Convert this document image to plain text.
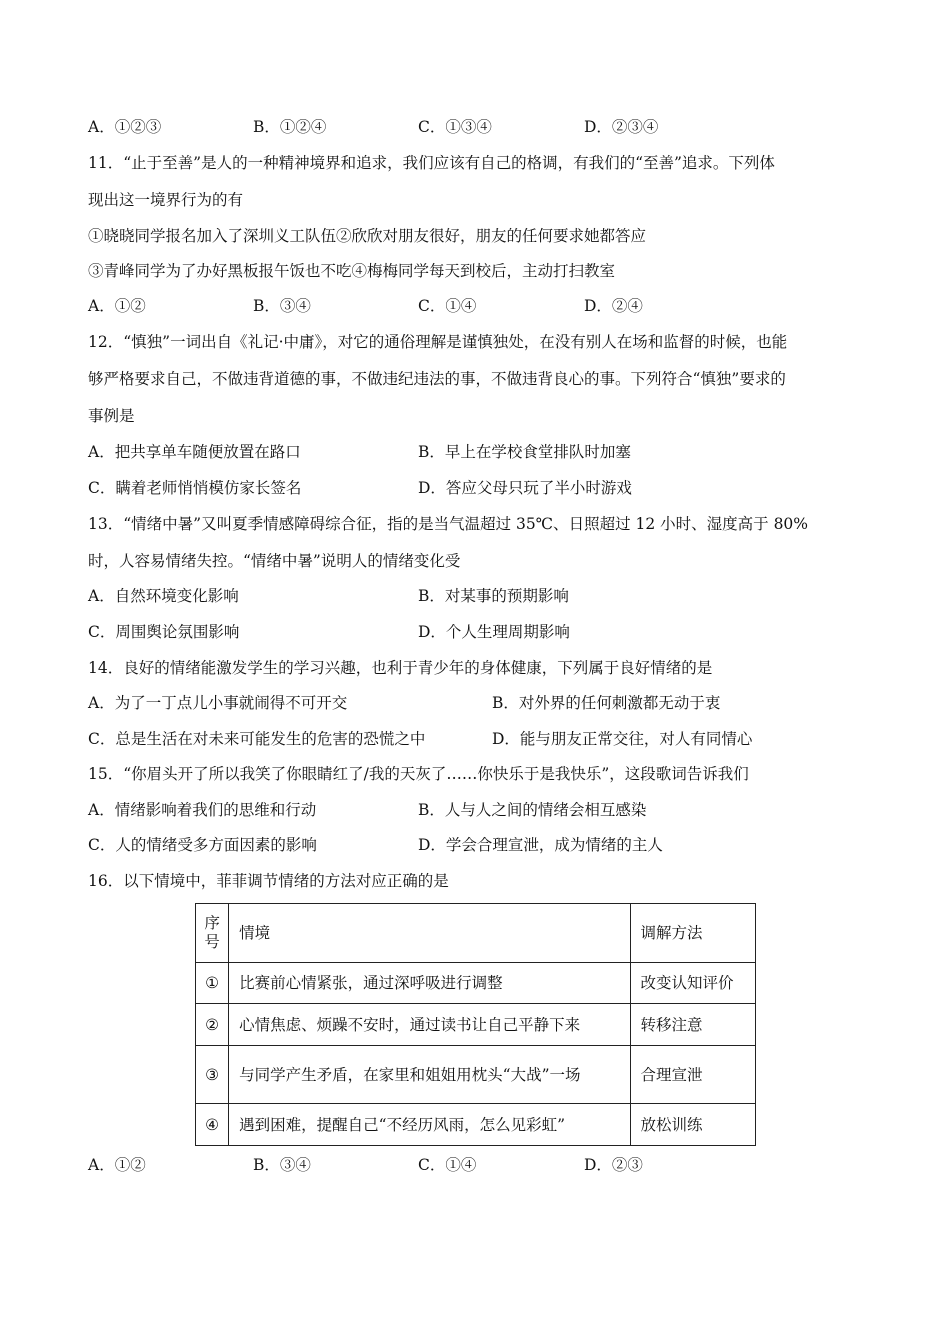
A．①②③	B．①②④	C．①③④	D．②③④
11．“止于至善”是人的一种精神境界和追求，我们应该有自己的格调，有我们的“至善”追求。下列体
现出这一境界行为的有
①晓晓同学报名加入了深圳义工队伍②欣欣对朋友很好，朋友的任何要求她都答应
③青峰同学为了办好黑板报午饭也不吃④梅梅同学每天到校后，主动打扫教室
A．①②	B．③④	C．①④	D．②④
12．“慎独”一词出自《礼记·中庸》，对它的通俗理解是谨慎独处，在没有别人在场和监督的时候，也能
够严格要求自己，不做违背道德的事，不做违纪违法的事，不做违背良心的事。下列符合“慎独”要求的
事例是
A．把共享单车随便放置在路口	B．早上在学校食堂排队时加塞
C．瞒着老师悄悄模仿家长签名	D．答应父母只玩了半小时游戏
13．“情绪中暑”又叫夏季情感障碍综合征，指的是当气温超过 35℃、日照超过 12 小时、湿度高于 80%
时，人容易情绪失控。“情绪中暑”说明人的情绪变化受
A．自然环境变化影响	B．对某事的预期影响
C．周围舆论氛围影响	D．个人生理周期影响
14．良好的情绪能激发学生的学习兴趣，也利于青少年的身体健康，下列属于良好情绪的是
A．为了一丁点儿小事就闹得不可开交	B．对外界的任何刺激都无动于衷
C．总是生活在对未来可能发生的危害的恐慌之中	D．能与朋友正常交往，对人有同情心
15．“你眉头开了所以我笑了你眼睛红了/我的天灰了……你快乐于是我快乐”，这段歌词告诉我们
A．情绪影响着我们的思维和行动	B．人与人之间的情绪会相互感染
C．人的情绪受多方面因素的影响	D．学会合理宣泄，成为情绪的主人
16．以下情境中，菲菲调节情绪的方法对应正确的是
序号	情境	调解方法
①	比赛前心情紧张，通过深呼吸进行调整	改变认知评价
②	心情焦虑、烦躁不安时，通过读书让自己平静下来	转移注意
③	与同学产生矛盾，在家里和姐姐用枕头“大战”一场	合理宣泄
④	遇到困难，提醒自己“不经历风雨，怎么见彩虹”	放松训练
A．①②	B．③④	C．①④	D．②③
